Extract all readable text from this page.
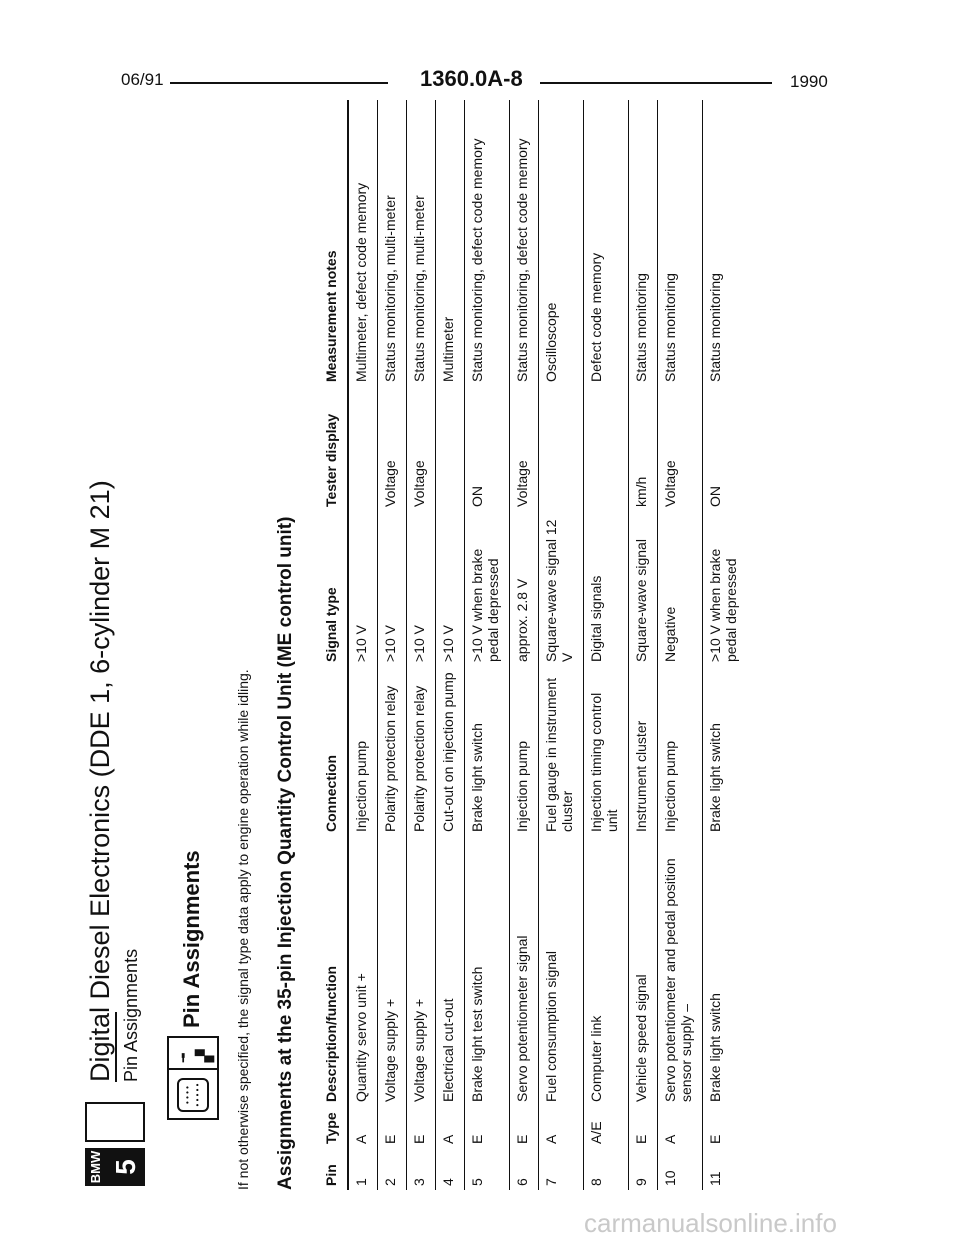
06/91	1360.0A-8	1990
BMW 5
Digital Diesel Electronics (DDE 1, 6-cylinder M 21) Pin Assignments
• • • •
• • • • •
╼ ▞
Pin Assignments If not otherwise specified, the signal type data apply to engine operation while idling. Assignments at the 35-pin Injection Quantity Control Unit (ME control unit) Pin	Type	Description/function	Connection	Signal type	Tester display	Measurement notes
1	A	Quantity servo unit +	Injection pump	>10 V		Multimeter, defect code memory
2	E	Voltage supply +	Polarity protection relay	>10 V	Voltage	Status monitoring, multi-meter
3	E	Voltage supply +	Polarity protection relay	>10 V	Voltage	Status monitoring, multi-meter
4	A	Electrical cut-out	Cut-out on injection pump	>10 V		Multimeter
5	E	Brake light test switch	Brake light switch	>10 V when brake pedal depressed	ON	Status monitoring, defect code memory
6	E	Servo potentiometer signal	Injection pump	approx. 2.8 V	Voltage	Status monitoring, defect code memory
7	A	Fuel consumption signal	Fuel gauge in instrument cluster	Square-wave signal 12 V		Oscilloscope
8	A/E	Computer link	Injection timing control unit	Digital signals		Defect code memory
9	E	Vehicle speed signal	Instrument cluster	Square-wave signal	km/h	Status monitoring
10	A	Servo potentiometer and pedal position sensor supply –	Injection pump	Negative	Voltage	Status monitoring
11	E	Brake light switch	Brake light switch	>10 V when brake pedal depressed	ON	Status monitoring
carmanualsonline.info
